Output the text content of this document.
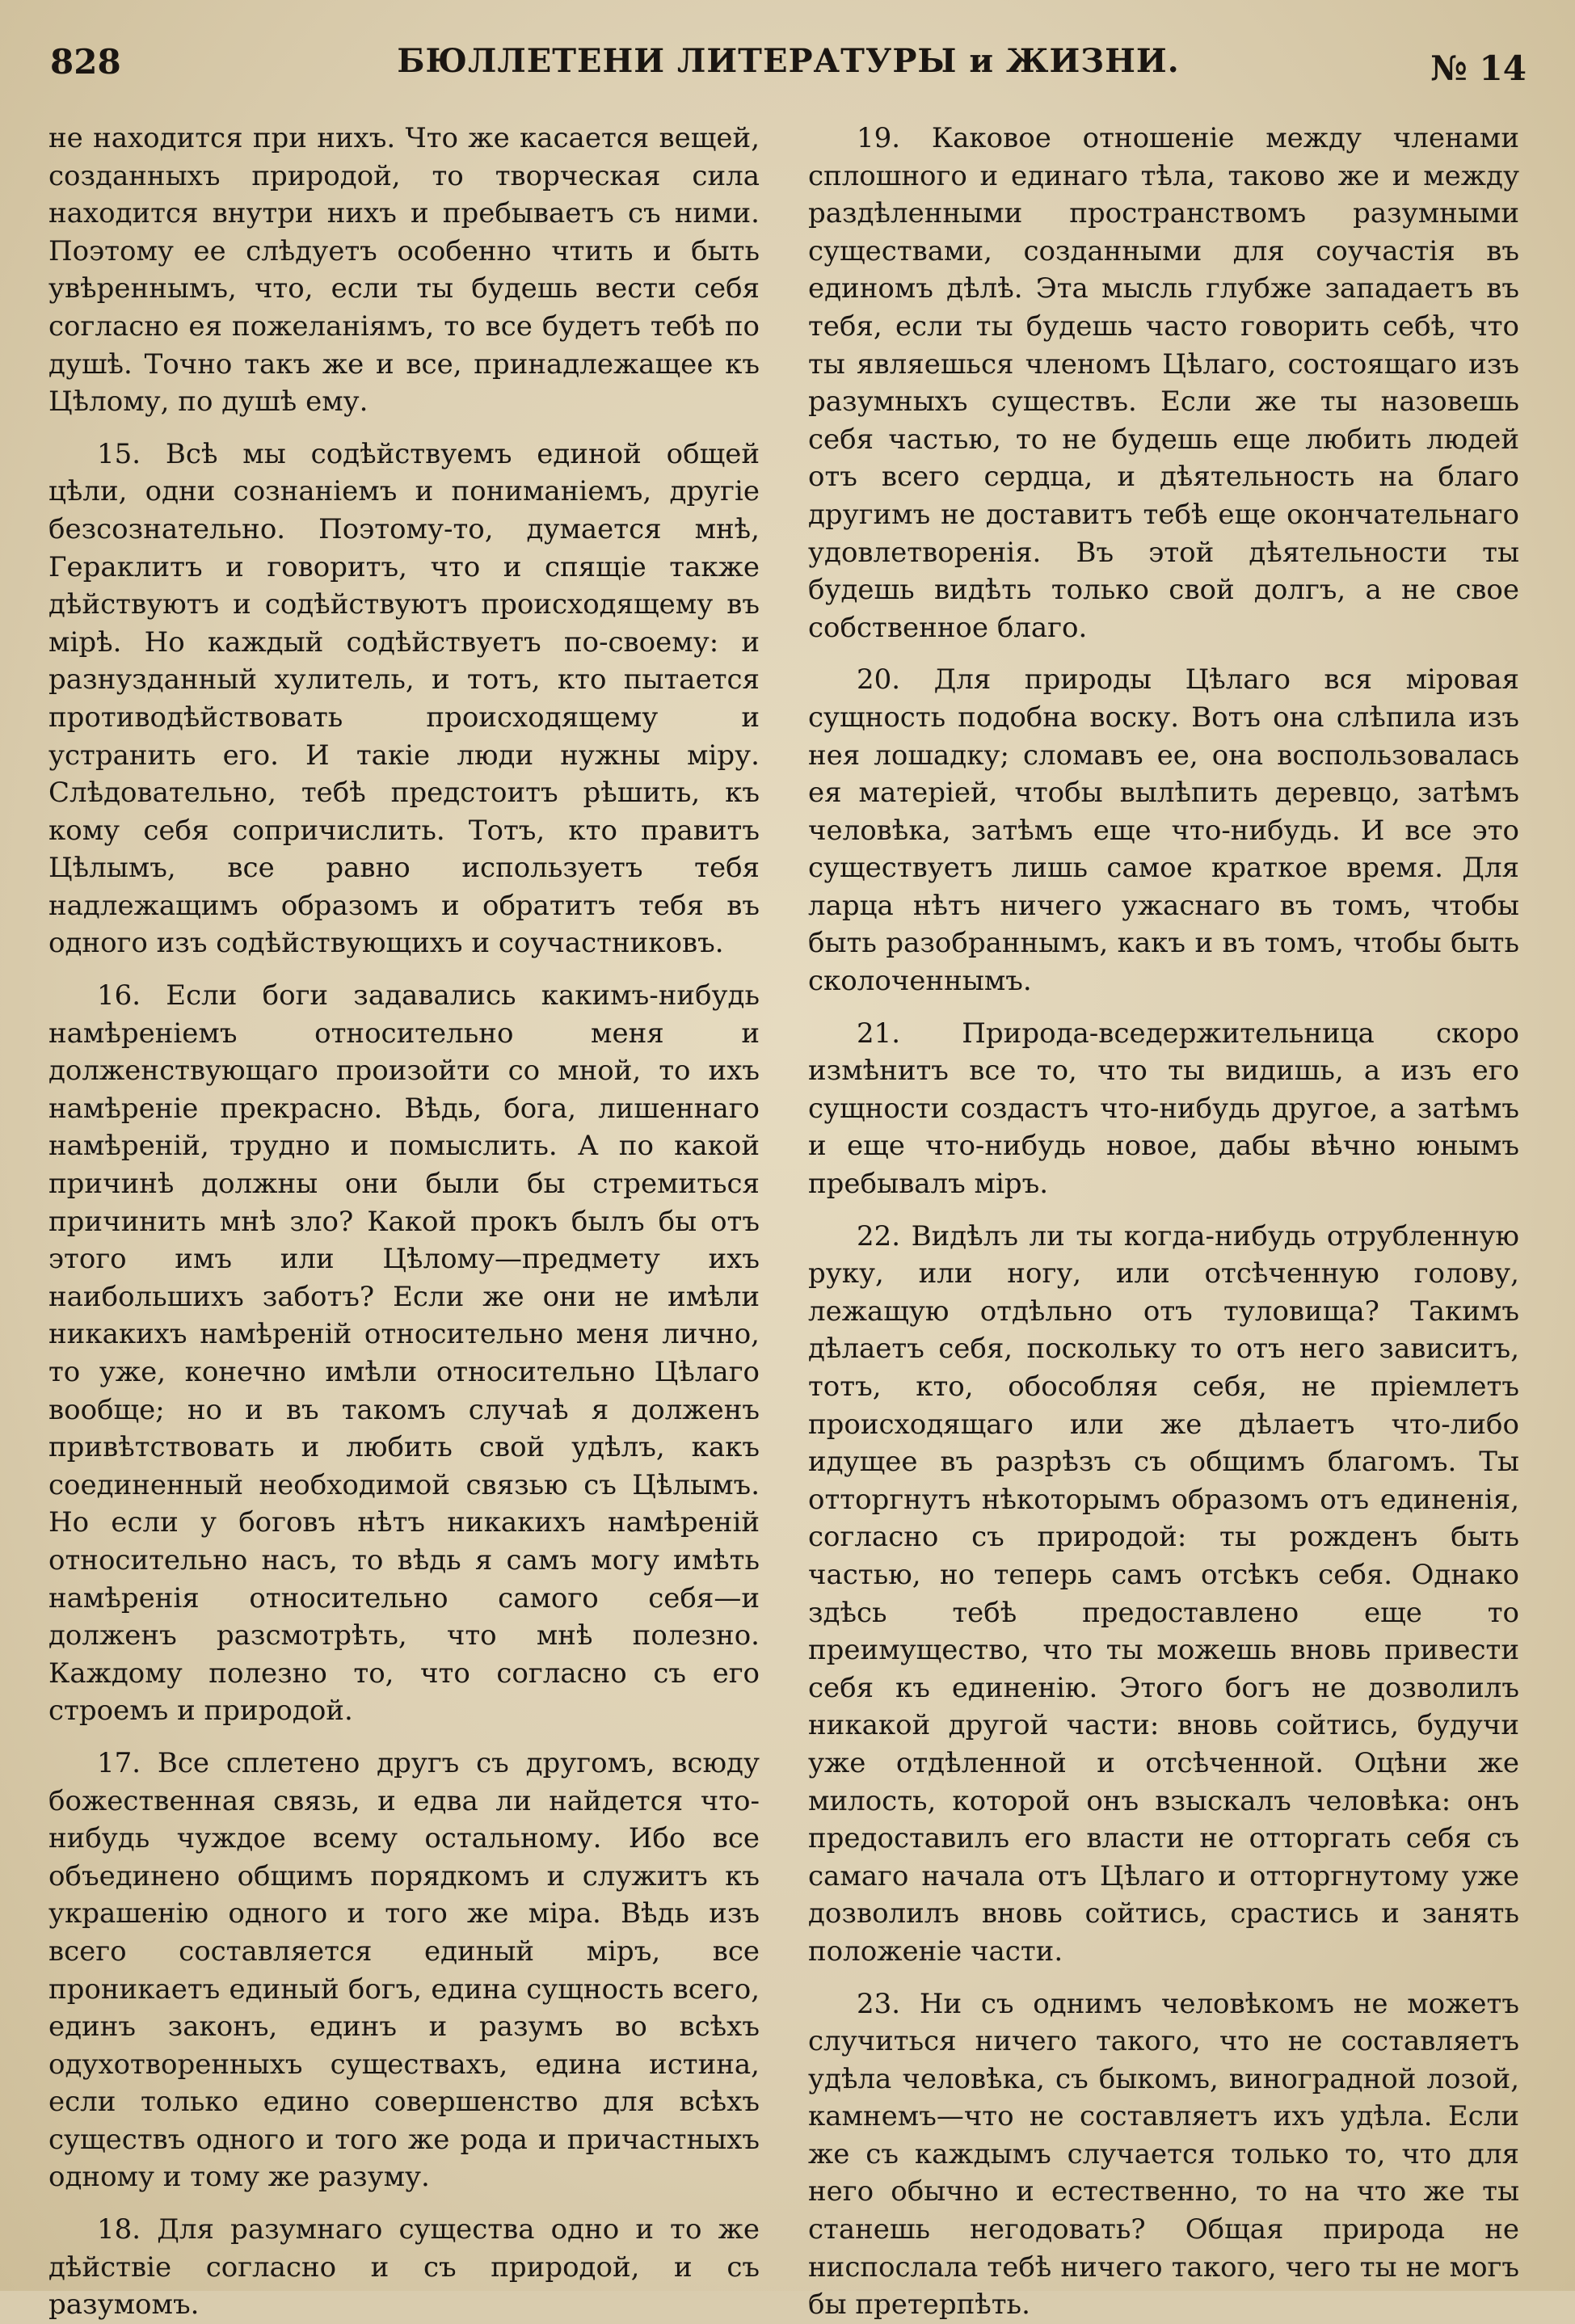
828	БЮЛЛЕТЕНИ ЛИТЕРАТУРЫ и ЖИЗНИ.	№ 14

не находится при нихъ. Что же касается вещей, созданныхъ природой, то творческая сила находится внутри нихъ и пребываетъ съ ними. Поэтому ее слѣдуетъ особенно чтить и быть увѣреннымъ, что, если ты будешь вести себя согласно ея пожеланіямъ, то все будетъ тебѣ по душѣ. Точно такъ же и все, принадлежащее къ Цѣлому, по душѣ ему.

15. Всѣ мы содѣйствуемъ единой общей цѣли, одни сознаніемъ и пониманіемъ, другіе безсознательно. Поэтому-то, думается мнѣ, Гераклитъ и говоритъ, что и спящіе также дѣйствуютъ и содѣйствуютъ происходящему въ мірѣ. Но каждый содѣйствуетъ по-своему: и разнузданный хулитель, и тотъ, кто пытается противодѣйствовать происходящему и устранить его. И такіе люди нужны міру. Слѣдовательно, тебѣ предстоитъ рѣшить, къ кому себя сопричислить. Тотъ, кто правитъ Цѣлымъ, все равно используетъ тебя надлежащимъ образомъ и обратитъ тебя въ одного изъ содѣйствующихъ и соучастниковъ.

16. Если боги задавались какимъ-нибудь намѣреніемъ относительно меня и долженствующаго произойти со мной, то ихъ намѣреніе прекрасно. Вѣдь, бога, лишеннаго намѣреній, трудно и помыслить. А по какой причинѣ должны они были бы стремиться причинить мнѣ зло? Какой прокъ былъ бы отъ этого имъ или Цѣлому—предмету ихъ наибольшихъ заботъ? Если же они не имѣли никакихъ намѣреній относительно меня лично, то уже, конечно имѣли относительно Цѣлаго вообще; но и въ такомъ случаѣ я долженъ привѣтствовать и любить свой удѣлъ, какъ соединенный необходимой связью съ Цѣлымъ. Но если у боговъ нѣтъ никакихъ намѣреній относительно насъ, то вѣдь я самъ могу имѣть намѣренія относительно самого себя—и долженъ разсмотрѣть, что мнѣ полезно. Каждому полезно то, что согласно съ его строемъ и природой.

17. Все сплетено другъ съ другомъ, всюду божественная связь, и едва ли найдется что-нибудь чуждое всему остальному. Ибо все объединено общимъ порядкомъ и служитъ къ украшенію одного и того же міра. Вѣдь изъ всего составляется единый міръ, все проникаетъ единый богъ, едина сущность всего, единъ законъ, единъ и разумъ во всѣхъ одухотворенныхъ существахъ, едина истина, если только едино совершенство для всѣхъ существъ одного и того же рода и причастныхъ одному и тому же разуму.

18. Для разумнаго существа одно и то же дѣйствіе согласно и съ природой, и съ разумомъ.

19. Каковое отношеніе между членами сплошного и единаго тѣла, таково же и между раздѣленными пространствомъ разумными существами, созданными для соучастія въ единомъ дѣлѣ. Эта мысль глубже западаетъ въ тебя, если ты будешь часто говорить себѣ, что ты являешься членомъ Цѣлаго, состоящаго изъ разумныхъ существъ. Если же ты назовешь себя частью, то не будешь еще любить людей отъ всего сердца, и дѣятельность на благо другимъ не доставитъ тебѣ еще окончательнаго удовлетворенія. Въ этой дѣятельности ты будешь видѣть только свой долгъ, а не свое собственное благо.

20. Для природы Цѣлаго вся міровая сущность подобна воску. Вотъ она слѣпила изъ нея лошадку; сломавъ ее, она воспользовалась ея матеріей, чтобы вылѣпить деревцо, затѣмъ человѣка, затѣмъ еще что-нибудь. И все это существуетъ лишь самое краткое время. Для ларца нѣтъ ничего ужаснаго въ томъ, чтобы быть разобраннымъ, какъ и въ томъ, чтобы быть сколоченнымъ.

21. Природа-вседержительница скоро измѣнитъ все то, что ты видишь, а изъ его сущности создастъ что-нибудь другое, а затѣмъ и еще что-нибудь новое, дабы вѣчно юнымъ пребывалъ міръ.

22. Видѣлъ ли ты когда-нибудь отрубленную руку, или ногу, или отсѣченную голову, лежащую отдѣльно отъ туловища? Такимъ дѣлаетъ себя, поскольку то отъ него зависитъ, тотъ, кто, обособляя себя, не пріемлетъ происходящаго или же дѣлаетъ что-либо идущее въ разрѣзъ съ общимъ благомъ. Ты отторгнутъ нѣкоторымъ образомъ отъ единенія, согласно съ природой: ты рожденъ быть частью, но теперь самъ отсѣкъ себя. Однако здѣсь тебѣ предоставлено еще то преимущество, что ты можешь вновь привести себя къ единенію. Этого богъ не дозволилъ никакой другой части: вновь сойтись, будучи уже отдѣленной и отсѣченной. Оцѣни же милость, которой онъ взыскалъ человѣка: онъ предоставилъ его власти не отторгать себя съ самаго начала отъ Цѣлаго и отторгнутому уже дозволилъ вновь сойтись, срастись и занять положеніе части.

23. Ни съ однимъ человѣкомъ не можетъ случиться ничего такого, что не составляетъ удѣла человѣка, съ быкомъ, виноградной лозой, камнемъ—что не составляетъ ихъ удѣла. Если же съ каждымъ случается только то, что для него обычно и естественно, то на что же ты станешь негодовать? Общая природа не ниспослала тебѣ ничего такого, чего ты не могъ бы претерпѣть.
